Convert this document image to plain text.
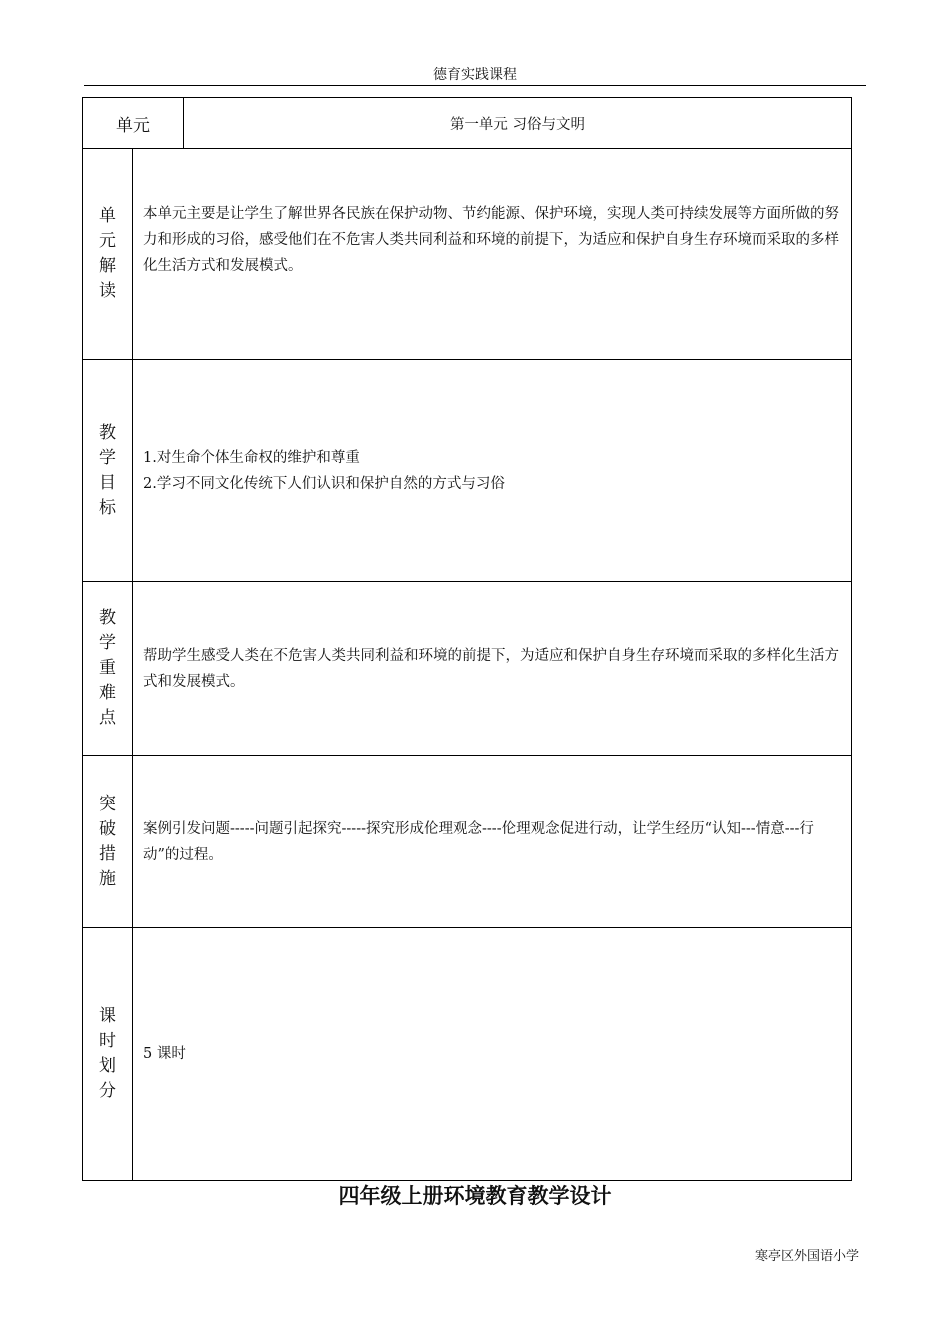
德育实践课程
单元	第一单元 习俗与文明
单元解读
本单元主要是让学生了解世界各民族在保护动物、节约能源、保护环境，实现人类可持续发展等方面所做的努力和形成的习俗，感受他们在不危害人类共同利益和环境的前提下，为适应和保护自身生存环境而采取的多样化生活方式和发展模式。
教学目标
1.对生命个体生命权的维护和尊重
2.学习不同文化传统下人们认识和保护自然的方式与习俗
教学重难点
帮助学生感受人类在不危害人类共同利益和环境的前提下，为适应和保护自身生存环境而采取的多样化生活方式和发展模式。
突破措施
案例引发问题-----问题引起探究-----探究形成伦理观念----伦理观念促进行动，让学生经历“认知---情意---行动”的过程。
课时划分
5 课时
四年级上册环境教育教学设计
寒亭区外国语小学
